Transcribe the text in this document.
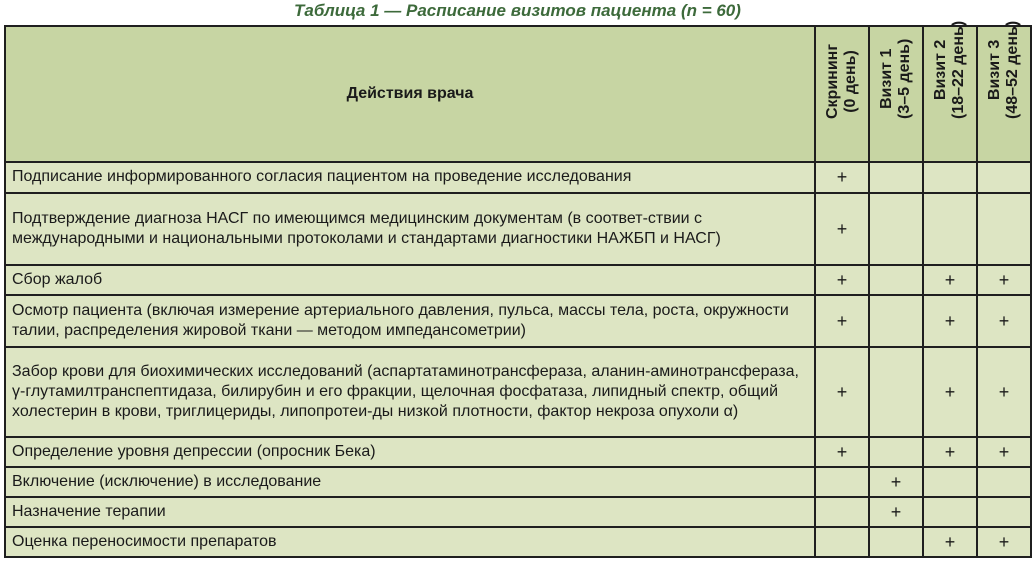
Таблица 1 — Расписание визитов пациента (n = 60)
Действия врача	Скрининг (0 день)	Визит 1 (3–5 день)	Визит 2 (18–22 день)	Визит 3 (48–52 день)

Подписание информированного согласия пациентом на проведение исследования	+			
Подтверждение диагноза НАСГ по имеющимся медицинским документам (в соответ-ствии с международными и национальными протоколами и стандартами диагностики НАЖБП и НАСГ)	+			
Сбор жалоб	+		+	+
Осмотр пациента (включая измерение артериального давления, пульса, массы тела, роста, окружности талии, распределения жировой ткани — методом импедансометрии)	+		+	+
Забор крови для биохимических исследований (аспартатаминотрансфераза, аланин-аминотрансфераза, γ-глутамилтранспептидаза, билирубин и его фракции, щелочная фосфатаза, липидный спектр, общий холестерин в крови, триглицериды, липопротеи-ды низкой плотности, фактор некроза опухоли α)	+		+	+
Определение уровня депрессии (опросник Бека)	+		+	+
Включение (исключение) в исследование		+		
Назначение терапии		+		
Оценка переносимости препаратов			+	+
